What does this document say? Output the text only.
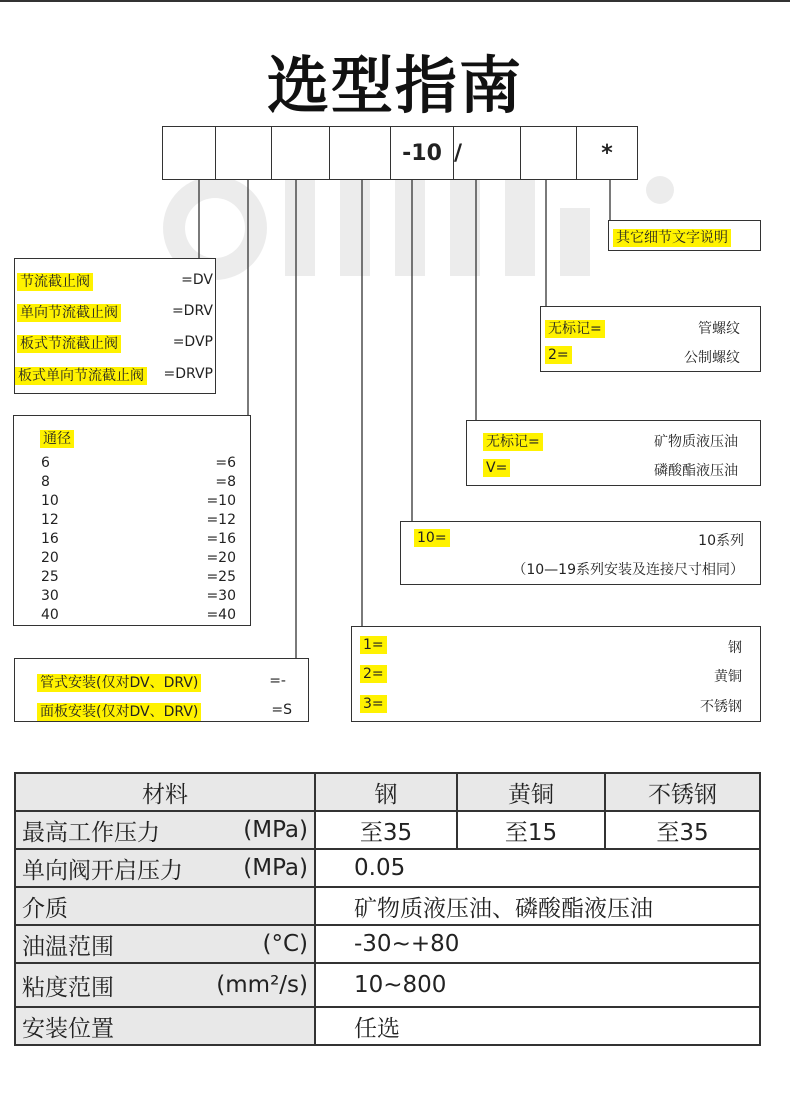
选型指南
-10 /	*
其它细节文字说明
节流截止阀	=DV
单向节流截止阀	=DRV
板式节流截止阀	=DVP
板式单向节流截止阀 =DRVP
无标记=	管螺纹
2=	公制螺纹
通径
6	=6
8	=8
10	=10
12	=12
16	=16
20	=20
25	=25
30	=30
40	=40
无标记=	矿物质液压油
V=	磷酸酯液压油
10=	10系列
（10—19系列安装及连接尺寸相同）
1=	钢
2=	黄铜
3=	不锈钢
管式安装(仅对DV、DRV)	=-
面板安装(仅对DV、DRV)	=S
材料	钢	黄铜	不锈钢
最高工作压力 (MPa)	至35	至15	至35
单向阀开启压力 (MPa)	0.05		
介质	矿物质液压油、磷酸酯液压油		
油温范围 (°C)	-30~+80		
粘度范围 (mm²/s)	10~800		
安装位置	任选		
